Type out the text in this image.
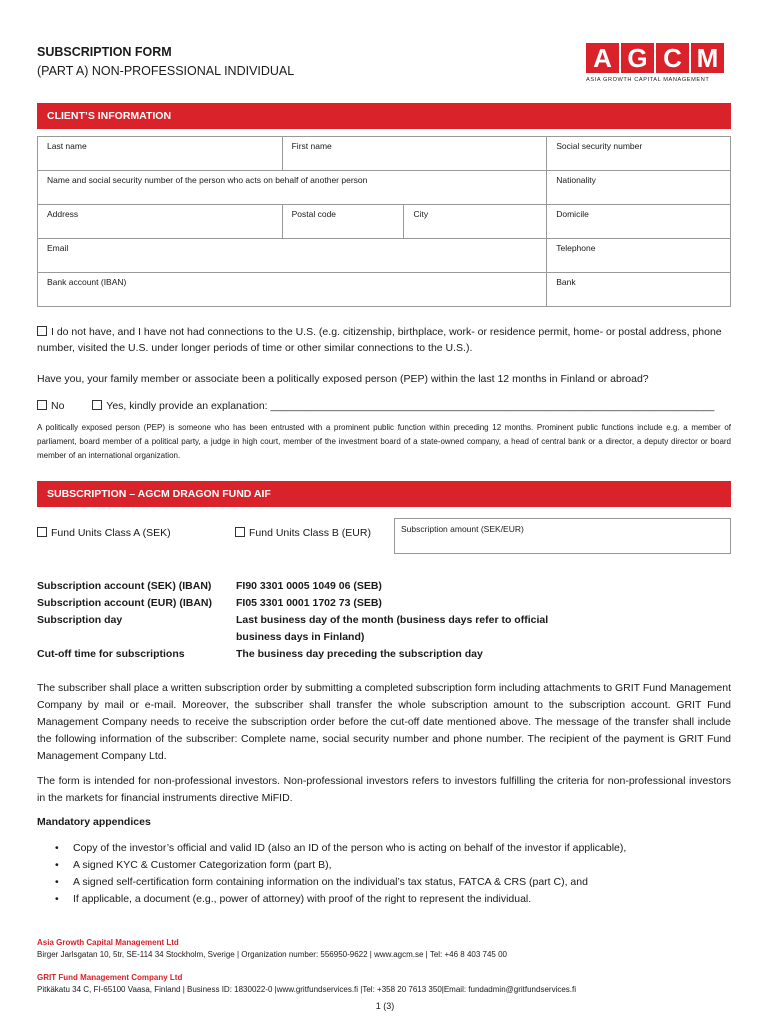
SUBSCRIPTION FORM
(PART A) NON-PROFESSIONAL INDIVIDUAL	A G C M
ASIA GROWTH CAPITAL MANAGEMENT
CLIENT’S INFORMATION
Last name	First name		Social security number
Name and social security number of the person who acts on behalf of another person			Nationality
Address	Postal code	City	Domicile
Email			Telephone
Bank account (IBAN)			Bank
I do not have, and I have not had connections to the U.S. (e.g. citizenship, birthplace, work- or residence permit, home- or postal address, phone number, visited the U.S. under longer periods of time or other similar connections to the U.S.).
Have you, your family member or associate been a politically exposed person (PEP) within the last 12 months in Finland or abroad?
No	Yes, kindly provide an explanation: ____________________________________________________________________________
A politically exposed person (PEP) is someone who has been entrusted with a prominent public function within preceding 12 months. Prominent public functions include e.g. a member of parliament, board member of a political party, a judge in high court, member of the investment board of a state-owned company, a head of central bank or a director, a deputy director or board member of an international organization.
SUBSCRIPTION – AGCM DRAGON FUND AIF
Fund Units Class A (SEK)	Fund Units Class B (EUR)	Subscription amount (SEK/EUR)
Subscription account (SEK) (IBAN)	FI90 3301 0005 1049 06 (SEB)
Subscription account (EUR) (IBAN)	FI05 3301 0001 1702 73 (SEB)
Subscription day	Last business day of the month (business days refer to official business days in Finland)
Cut-off time for subscriptions	The business day preceding the subscription day
The subscriber shall place a written subscription order by submitting a completed subscription form including attachments to GRIT Fund Management Company by mail or e-mail. Moreover, the subscriber shall transfer the whole subscription amount to the subscription account. GRIT Fund Management Company needs to receive the subscription order before the cut-off date mentioned above. The message of the transfer shall include the following information of the subscriber: Complete name, social security number and phone number. The recipient of the payment is GRIT Fund Management Company Ltd.
The form is intended for non-professional investors. Non-professional investors refers to investors fulfilling the criteria for non-professional investors in the markets for financial instruments directive MiFID.
Mandatory appendices
• Copy of the investor’s official and valid ID (also an ID of the person who is acting on behalf of the investor if applicable),
• A signed KYC & Customer Categorization form (part B),
• A signed self-certification form containing information on the individual’s tax status, FATCA & CRS (part C), and
• If applicable, a document (e.g., power of attorney) with proof of the right to represent the individual.
Asia Growth Capital Management Ltd
Birger Jarlsgatan 10, 5tr, SE-114 34 Stockholm, Sverige | Organization number: 556950-9622 | www.agcm.se | Tel: +46 8 403 745 00
GRIT Fund Management Company Ltd
Pitkäkatu 34 C, FI-65100 Vaasa, Finland | Business ID: 1830022-0 |www.gritfundservices.fi |Tel: +358 20 7613 350|Email: fundadmin@gritfundservices.fi
1 (3)
